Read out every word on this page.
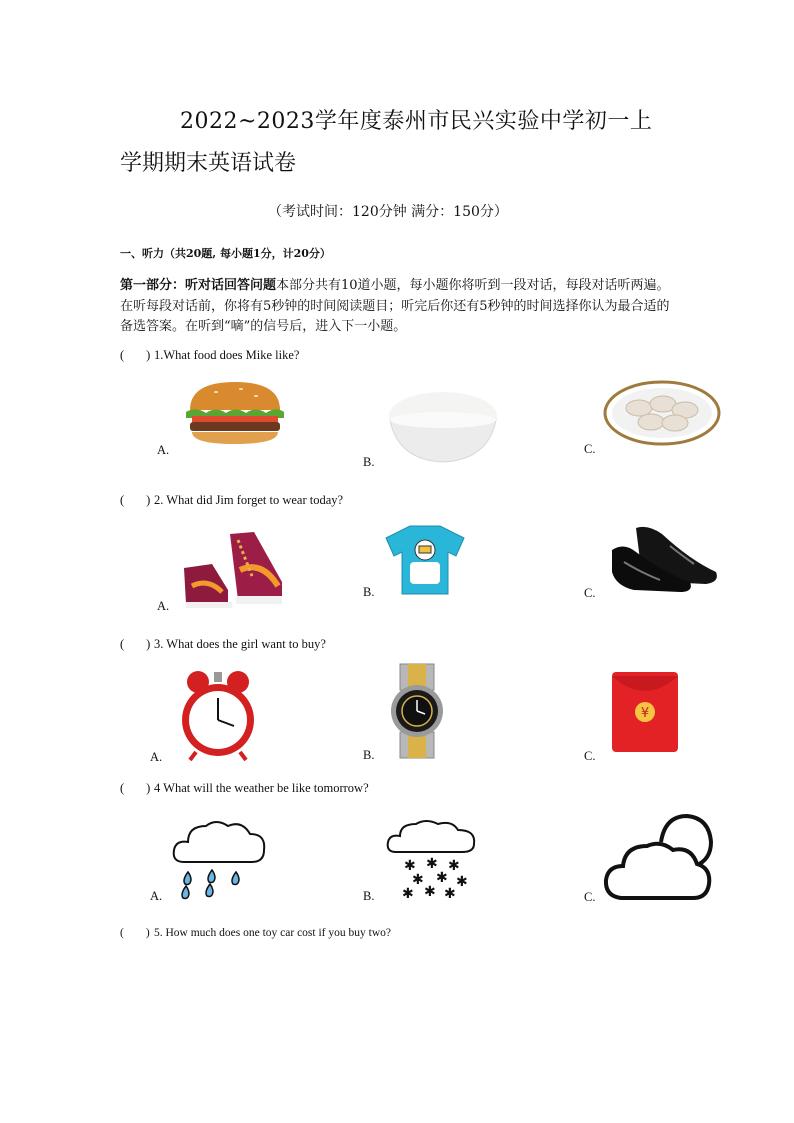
2022~2023学年度泰州市民兴实验中学初一上
学期期末英语试卷
（考试时间：120分钟 满分：150分）
一、听力（共20题, 每小题1分，计20分）
第一部分：听对话回答问题本部分共有10道小题，每小题你将听到一段对话，每段对话听两遍。在听每段对话前，你将有5秒钟的时间阅读题目；听完后你还有5秒钟的时间选择你认为最合适的备选答案。在听到“嘀”的信号后，进入下一小题。
( ) 1.What food does Mike like?
A.
B.
C.
( ) 2. What did Jim forget to wear today?
A.
B.	C.
( ) 3. What does the girl want to buy?
A.	B.	C.
¥
( ) 4 What will the weather be like tomorrow?
A.	B.
✱ ✱ ✱
✱ ✱ ✱
✱ ✱ ✱	C.
( ) 5. How much does one toy car cost if you buy two?
